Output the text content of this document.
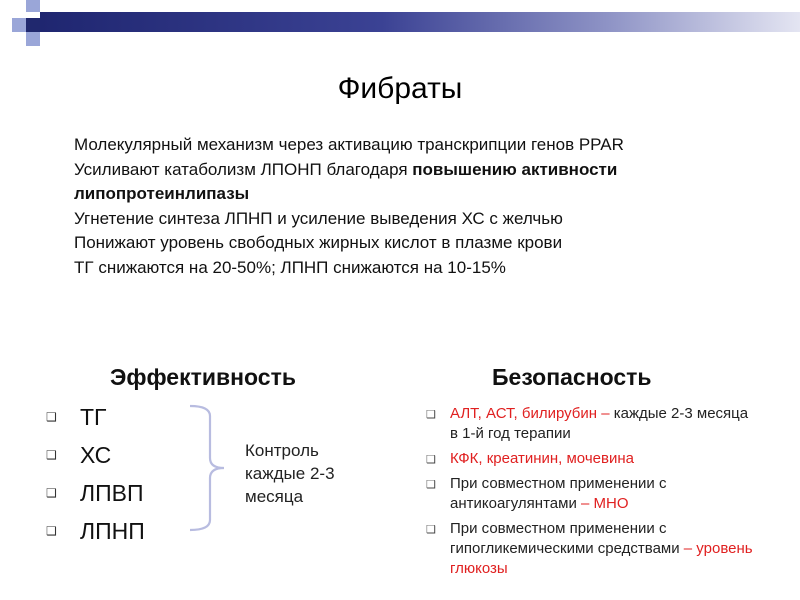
Фибраты
Молекулярный механизм через активацию транскрипции генов PPAR
Усиливают катаболизм ЛПОНП благодаря повышению активности
липопротеинлипазы
Угнетение синтеза ЛПНП и усиление выведения ХС с желчью
Понижают уровень свободных жирных кислот в плазме крови
ТГ снижаются на 20-50%; ЛПНП снижаются на 10-15%
Эффективность	Безопасность
❑ ТГ
❑ ХС
❑ ЛПВП
❑ ЛПНП
Контроль
каждые 2-3
месяца
❑ АЛТ, АСТ, билирубин – каждые 2-3 месяца в 1-й год терапии
❑ КФК, креатинин, мочевина
❑ При совместном применении с антикоагулянтами – МНО
❑ При совместном применении с гипогликемическими средствами – уровень глюкозы
